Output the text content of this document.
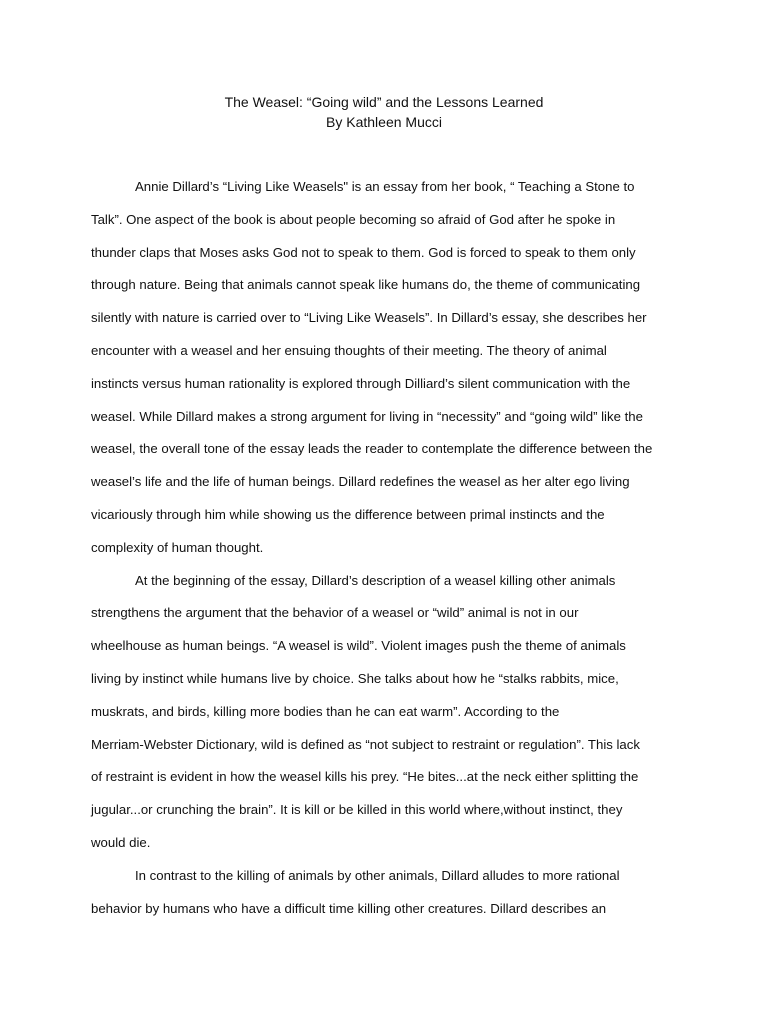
The Weasel: “Going wild” and the Lessons Learned
By Kathleen Mucci
Annie Dillard’s “Living Like Weasels" is an essay from her book, “ Teaching a Stone to
Talk”. One aspect of the book is about people becoming so afraid of God after he spoke in
thunder claps that Moses asks God not to speak to them. God is forced to speak to them only
through nature. Being that animals cannot speak like humans do, the theme of communicating
silently with nature is carried over to “Living Like Weasels”. In Dillard’s essay, she describes her
encounter with a weasel and her ensuing thoughts of their meeting. The theory of animal
instincts versus human rationality is explored through Dilliard’s silent communication with the
weasel. While Dillard makes a strong argument for living in “necessity” and “going wild” like the
weasel, the overall tone of the essay leads the reader to contemplate the difference between the
weasel’s life and the life of human beings. Dillard redefines the weasel as her alter ego living
vicariously through him while showing us the difference between primal instincts and the
complexity of human thought.
At the beginning of the essay, Dillard’s description of a weasel killing other animals
strengthens the argument that the behavior of a weasel or “wild” animal is not in our
wheelhouse as human beings. “A weasel is wild”. Violent images push the theme of animals
living by instinct while humans live by choice. She talks about how he “stalks rabbits, mice,
muskrats, and birds, killing more bodies than he can eat warm”. According to the
Merriam-Webster Dictionary, wild is defined as “not subject to restraint or regulation”. This lack
of restraint is evident in how the weasel kills his prey. “He bites...at the neck either splitting the
jugular...or crunching the brain”. It is kill or be killed in this world where,without instinct, they
would die.
In contrast to the killing of animals by other animals, Dillard alludes to more rational
behavior by humans who have a difficult time killing other creatures. Dillard describes an
